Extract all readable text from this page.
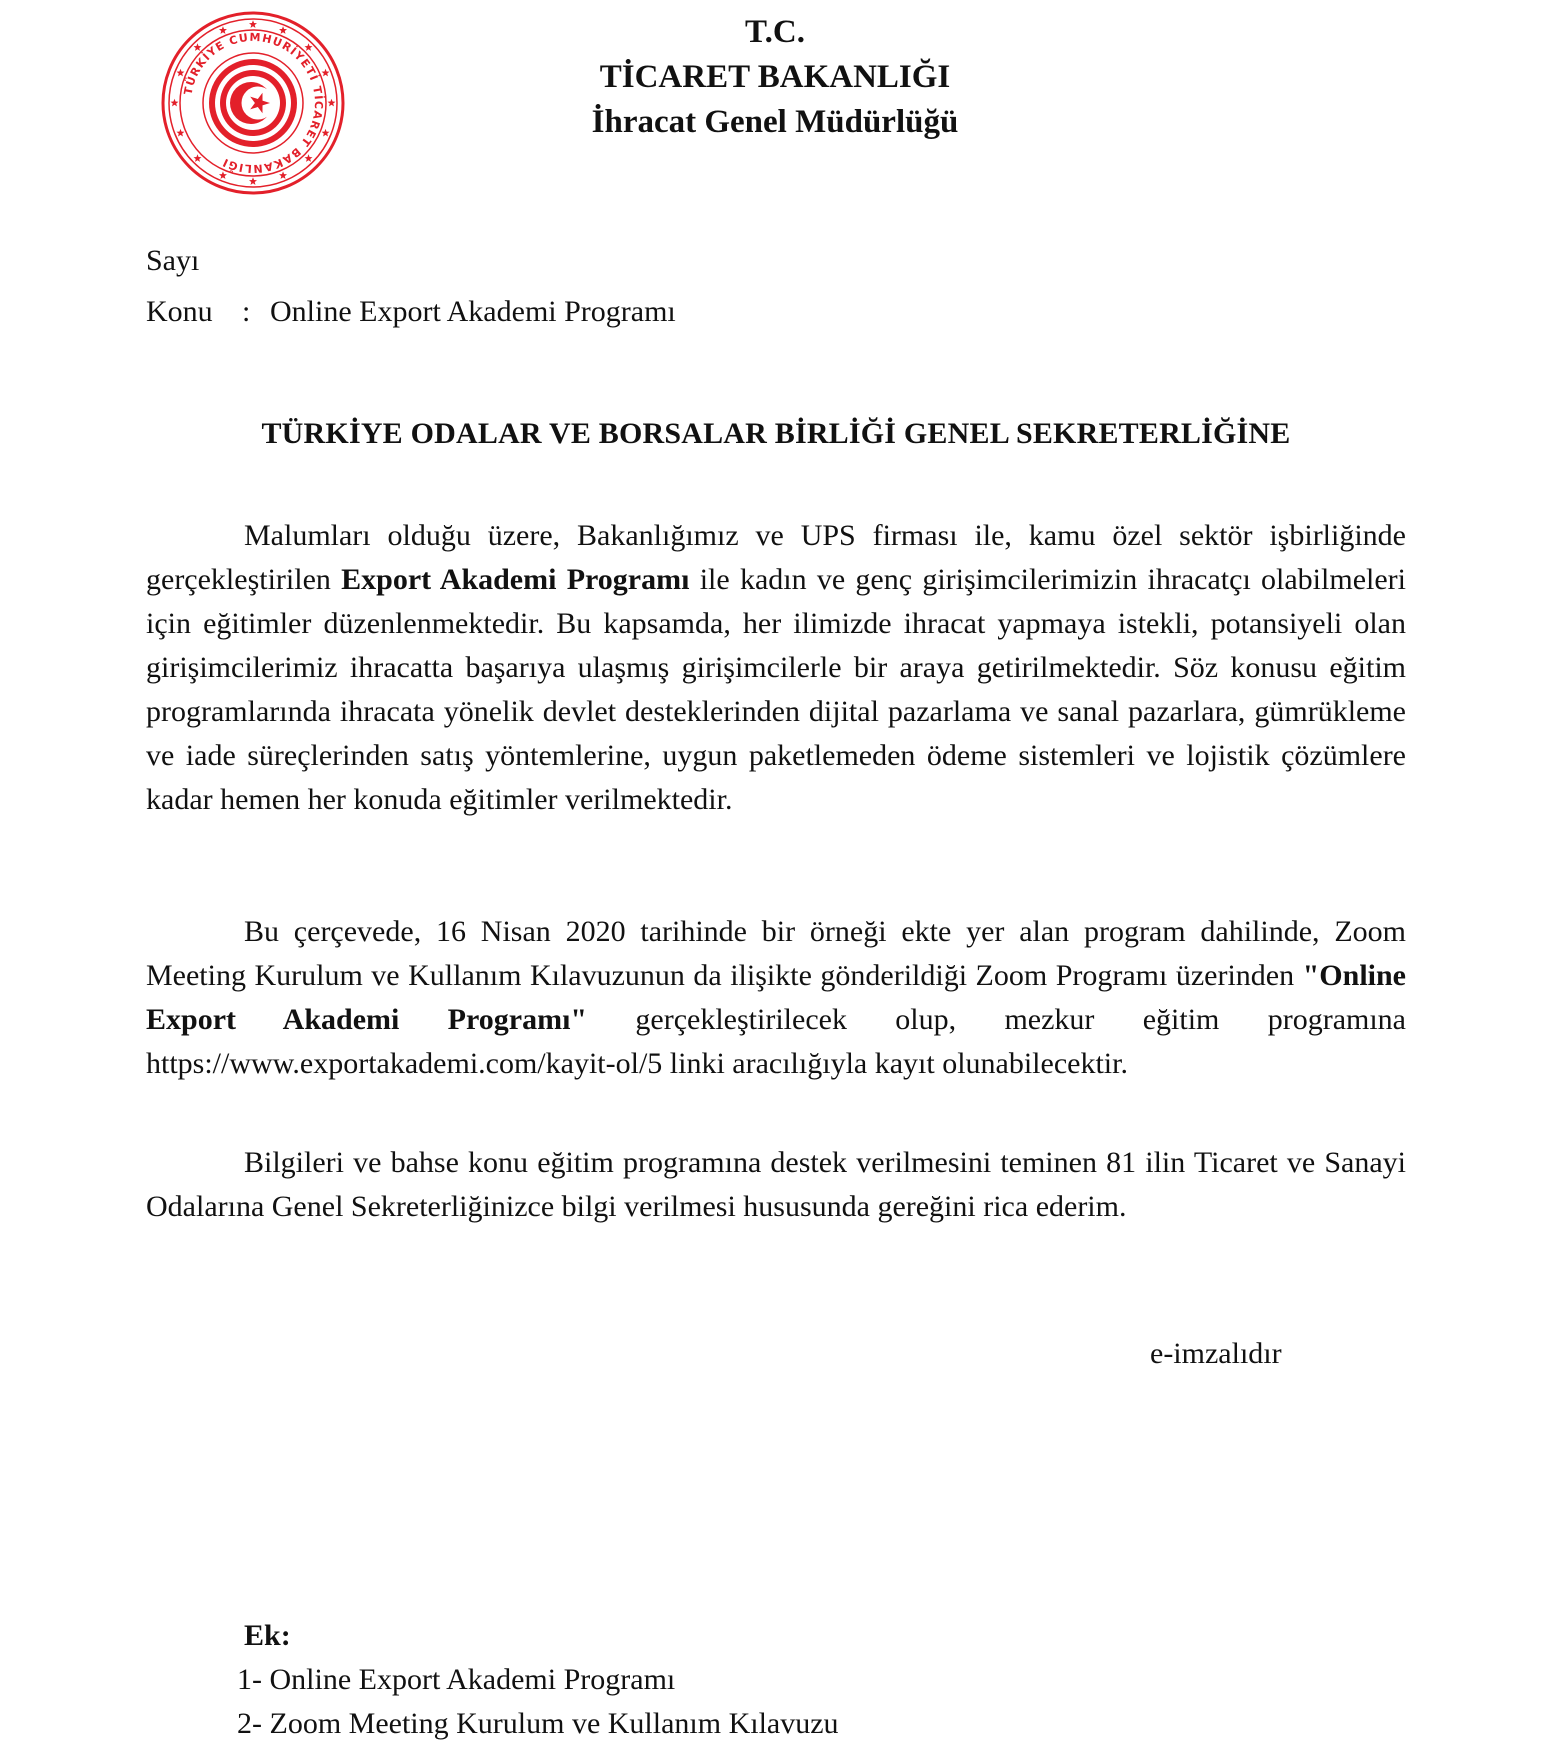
TÜRKİYE CUMHURİYETİ TİCARET BAKANLIĞI
T.C.
TİCARET BAKANLIĞI
İhracat Genel Müdürlüğü
Sayı
Konu : Online Export Akademi Programı
TÜRKİYE ODALAR VE BORSALAR BİRLİĞİ GENEL SEKRETERLİĞİNE
Malumları olduğu üzere, Bakanlığımız ve UPS firması ile, kamu özel sektör işbirliğinde gerçekleştirilen Export Akademi Programı ile kadın ve genç girişimcilerimizin ihracatçı olabilmeleri için eğitimler düzenlenmektedir. Bu kapsamda, her ilimizde ihracat yapmaya istekli, potansiyeli olan girişimcilerimiz ihracatta başarıya ulaşmış girişimcilerle bir araya getirilmektedir. Söz konusu eğitim programlarında ihracata yönelik devlet desteklerinden dijital pazarlama ve sanal pazarlara, gümrükleme ve iade süreçlerinden satış yöntemlerine, uygun paketlemeden ödeme sistemleri ve lojistik çözümlere kadar hemen her konuda eğitimler verilmektedir.
Bu çerçevede, 16 Nisan 2020 tarihinde bir örneği ekte yer alan program dahilinde, Zoom Meeting Kurulum ve Kullanım Kılavuzunun da ilişikte gönderildiği Zoom Programı üzerinden "Online Export Akademi Programı" gerçekleştirilecek olup, mezkur eğitim programına https://www.exportakademi.com/kayit-ol/5 linki aracılığıyla kayıt olunabilecektir.
Bilgileri ve bahse konu eğitim programına destek verilmesini teminen 81 ilin Ticaret ve Sanayi Odalarına Genel Sekreterliğinizce bilgi verilmesi hususunda gereğini rica ederim.
e-imzalıdır
Ek:
1- Online Export Akademi Programı
2- Zoom Meeting Kurulum ve Kullanım Kılavuzu
